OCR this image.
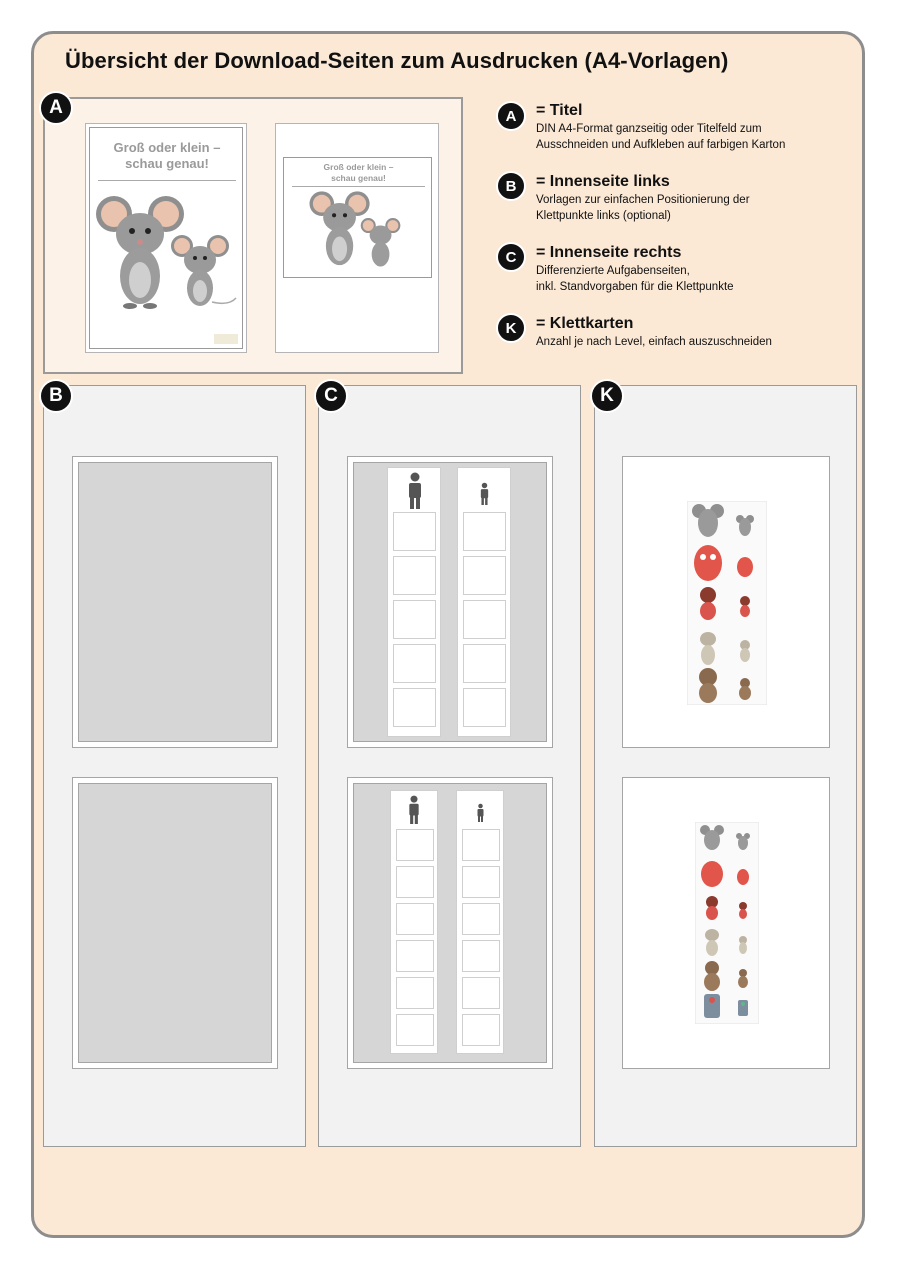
Übersicht der Download-Seiten zum Ausdrucken (A4-Vorlagen)
Groß oder klein –
schau genau!	Groß oder klein –
schau genau!
A	A	= Titel
DIN A4-Format ganzseitig oder Titelfeld zum
Ausschneiden und Aufkleben auf farbigen Karton
B	= Innenseite links
Vorlagen zur einfachen Positionierung der
Klettpunkte links (optional)
C	= Innenseite rechts
Differenzierte Aufgabenseiten,
inkl. Standvorgaben für die Klettpunkte
K	= Klettkarten
Anzahl je nach Level, einfach auszuschneiden
B	C	K
